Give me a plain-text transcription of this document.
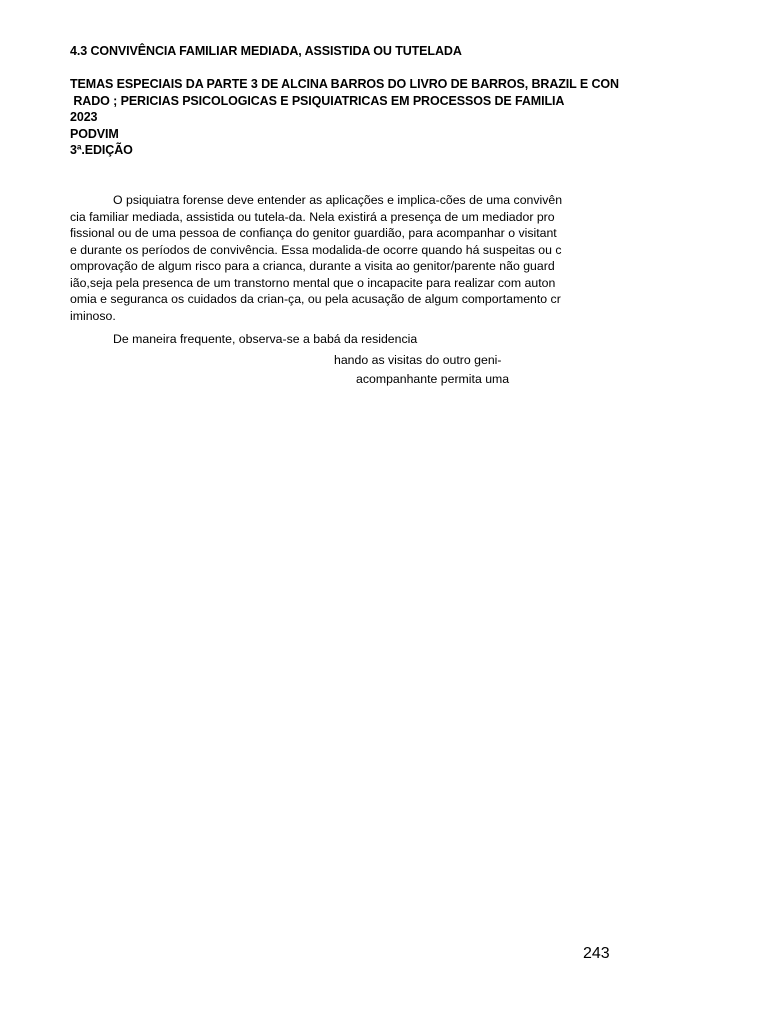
4.3 CONVIVÊNCIA FAMILIAR MEDIADA, ASSISTIDA OU TUTELADA
TEMAS ESPECIAIS DA PARTE 3 DE ALCINA BARROS DO LIVRO DE BARROS, BRAZIL E CON
RADO ; PERICIAS PSICOLOGICAS E PSIQUIATRICAS EM PROCESSOS DE FAMILIA
2023
PODVIM
3ª.EDIÇÃO
O psiquiatra forense deve entender as aplicações e implica-cões de uma convivên
cia familiar mediada, assistida ou tutela-da. Nela existirá a presença de um mediador pro
fissional ou de uma pessoa de confiança do genitor guardião, para acompanhar o visitant
e durante os períodos de convivência. Essa modalida-de ocorre quando há suspeitas ou c
omprovação de algum risco para a crianca, durante a visita ao genitor/parente não guard
ião,seja pela presenca de um transtorno mental que o incapacite para realizar com auton
omia e seguranca os cuidados da crian-ça, ou pela acusação de algum comportamento cr
iminoso.
De maneira frequente, observa-se a babá da residencia
hando as visitas do outro geni-
acompanhante permita uma
243
